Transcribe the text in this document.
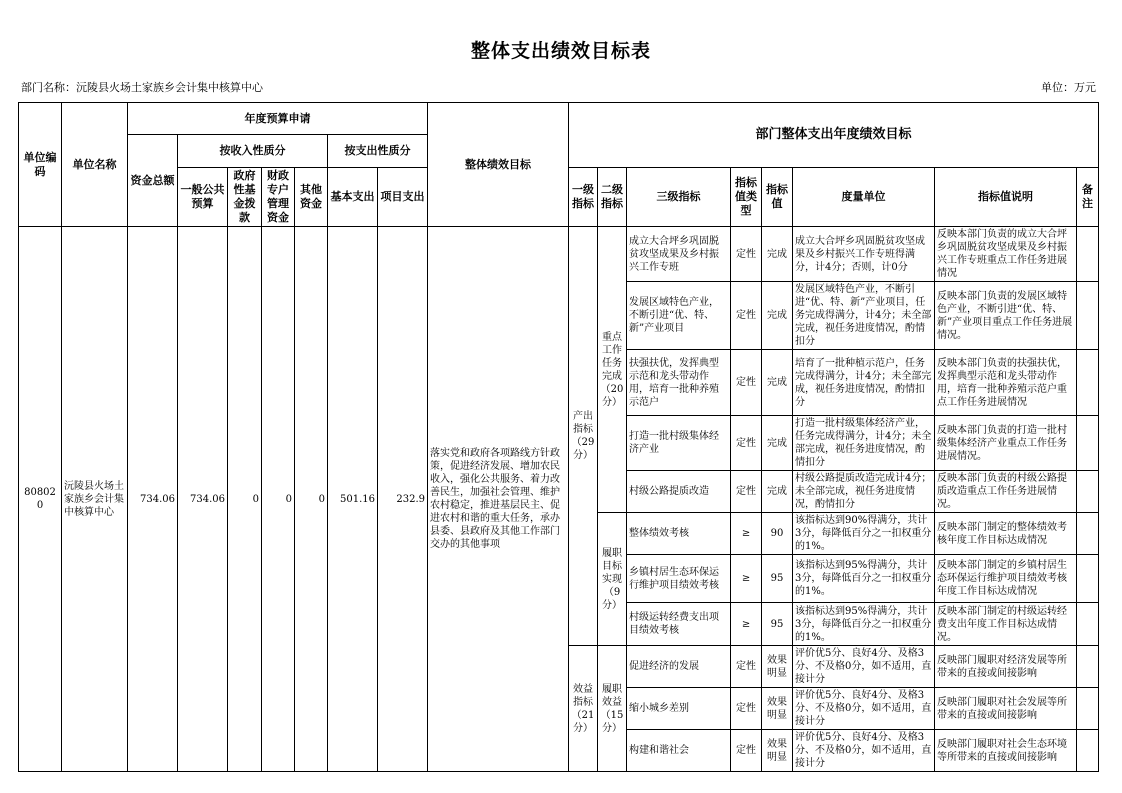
整体支出绩效目标表
部门名称：沅陵县火场土家族乡会计集中核算中心	单位：万元
单位编码	单位名称	年度预算申请							整体绩效目标	部门整体支出年度绩效目标							
		资金总额	按收入性质分				按支出性质分										
			一般公共预算	政府性基金拨款	财政专户管理资金	其他资金	基本支出	项目支出		一级指标	二级指标	三级指标	指标值类型	指标值	度量单位	指标值说明	备注

808020	沅陵县火场土家族乡会计集中核算中心	734.06	734.06	0	0	0	501.16	232.9	落实党和政府各项路线方针政策，促进经济发展、增加农民收入，强化公共服务、着力改善民生，加强社会管理、维护农村稳定，推进基层民主、促进农村和谐的重大任务，承办县委、县政府及其他工作部门交办的其他事项	产出指标（29分）	重点工作任务完成（20分）	成立大合坪乡巩固脱贫攻坚成果及乡村振兴工作专班	定性	完成	成立大合坪乡巩固脱贫攻坚成果及乡村振兴工作专班得满分，计4分；否则，计0分	反映本部门负责的成立大合坪乡巩固脱贫攻坚成果及乡村振兴工作专班重点工作任务进展情况	
												发展区域特色产业，不断引进“优、特、新”产业项目	定性	完成	发展区域特色产业，不断引进“优、特、新”产业项目，任务完成得满分，计4分；未全部完成，视任务进度情况，酌情扣分	反映本部门负责的发展区域特色产业，不断引进“优、特、新”产业项目重点工作任务进展情况。	
												扶强扶优，发挥典型示范和龙头带动作用，培育一批种养殖示范户	定性	完成	培育了一批种植示范户，任务完成得满分，计4分；未全部完成，视任务进度情况，酌情扣分	反映本部门负责的扶强扶优，发挥典型示范和龙头带动作用，培育一批种养殖示范户重点工作任务进展情况	
												打造一批村级集体经济产业	定性	完成	打造一批村级集体经济产业，任务完成得满分，计4分；未全部完成，视任务进度情况，酌情扣分	反映本部门负责的打造一批村级集体经济产业重点工作任务进展情况。	
												村级公路提质改造	定性	完成	村级公路提质改造完成计4分；未全部完成，视任务进度情况，酌情扣分	反映本部门负责的村级公路提质改造重点工作任务进展情况。	
											履职目标实现（9分）	整体绩效考核	≥	90	该指标达到90%得满分，共计3分，每降低百分之一扣权重分的1%。	反映本部门制定的整体绩效考核年度工作目标达成情况	
												乡镇村居生态环保运行维护项目绩效考核	≥	95	该指标达到95%得满分，共计3分，每降低百分之一扣权重分的1%。	反映本部门制定的乡镇村居生态环保运行维护项目绩效考核年度工作目标达成情况	
												村级运转经费支出项目绩效考核	≥	95	该指标达到95%得满分，共计3分，每降低百分之一扣权重分的1%。	反映本部门制定的村级运转经费支出年度工作目标达成情况。	
										效益指标（21分）	履职效益（15分）	促进经济的发展	定性	效果明显	评价优5分、良好4分、及格3分、不及格0分，如不适用，直接计分	反映部门履职对经济发展等所带来的直接或间接影响	
												缩小城乡差别	定性	效果明显	评价优5分、良好4分、及格3分、不及格0分，如不适用，直接计分	反映部门履职对社会发展等所带来的直接或间接影响	
												构建和谐社会	定性	效果明显	评价优5分、良好4分、及格3分、不及格0分，如不适用，直接计分	反映部门履职对社会生态环境等所带来的直接或间接影响	
